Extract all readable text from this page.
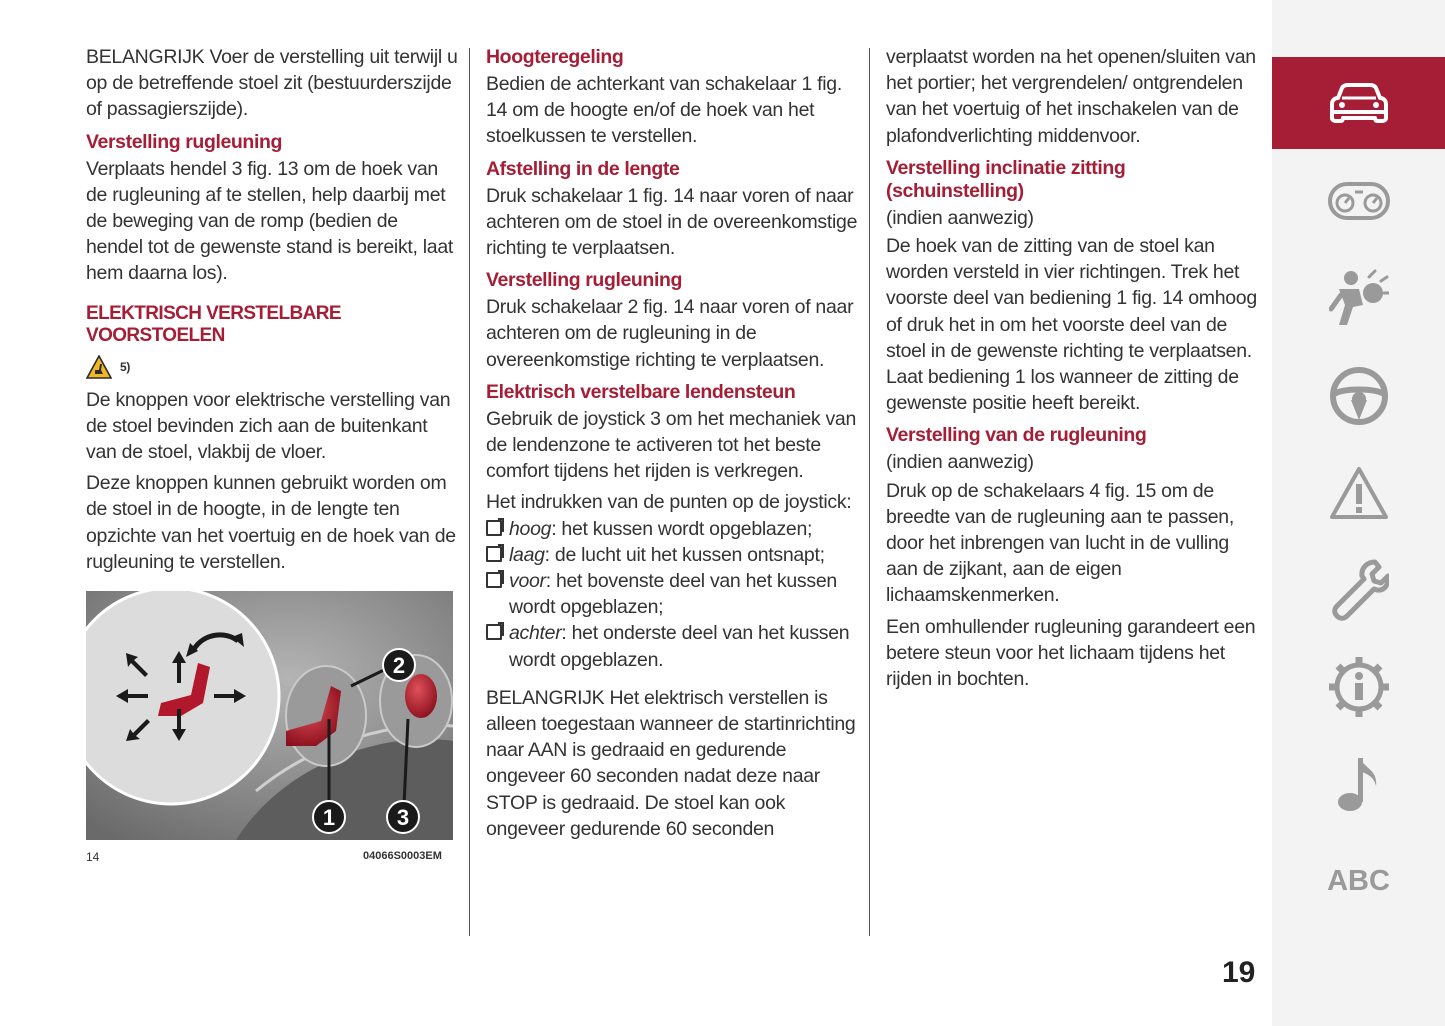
BELANGRIJK Voer de verstelling uit terwijl u op de betreffende stoel zit (bestuurderszijde of passagierszijde).

Verstelling rugleuning

Verplaats hendel 3 fig. 13 om de hoek van de rugleuning af te stellen, help daarbij met de beweging van de romp (bedien de hendel tot de gewenste stand is bereikt, laat hem daarna los).

ELEKTRISCH VERSTELBARE VOORSTOELEN
5)

De knoppen voor elektrische verstelling van de stoel bevinden zich aan de buitenkant van de stoel, vlakbij de vloer.

Deze knoppen kunnen gebruikt worden om de stoel in de hoogte, in de lengte ten opzichte van het voertuig en de hoek van de rugleuning te verstellen.

1
2
3
14	04066S0003EM
Hoogteregeling

Bedien de achterkant van schakelaar 1 fig. 14 om de hoogte en/of de hoek van het stoelkussen te verstellen.

Afstelling in de lengte

Druk schakelaar 1 fig. 14 naar voren of naar achteren om de stoel in de overeenkomstige richting te verplaatsen.

Verstelling rugleuning

Druk schakelaar 2 fig. 14 naar voren of naar achteren om de rugleuning in de overeenkomstige richting te verplaatsen.

Elektrisch verstelbare lendensteun

Gebruik de joystick 3 om het mechaniek van de lendenzone te activeren tot het beste comfort tijdens het rijden is verkregen.

Het indrukken van de punten op de joystick:

hoog: het kussen wordt opgeblazen;
laag: de lucht uit het kussen ontsnapt;
voor: het bovenste deel van het kussen wordt opgeblazen;
achter: het onderste deel van het kussen wordt opgeblazen.

BELANGRIJK Het elektrisch verstellen is alleen toegestaan wanneer de startinrichting naar AAN is gedraaid en gedurende ongeveer 60 seconden nadat deze naar STOP is gedraaid. De stoel kan ook ongeveer gedurende 60 seconden

verplaatst worden na het openen/sluiten van het portier; het vergrendelen/ ontgrendelen van het voertuig of het inschakelen van de plafondverlichting middenvoor.

Verstelling inclinatie zitting (schuinstelling)

(indien aanwezig)

De hoek van de zitting van de stoel kan worden versteld in vier richtingen. Trek het voorste deel van bediening 1 fig. 14 omhoog of druk het in om het voorste deel van de stoel in de gewenste richting te verplaatsen. Laat bediening 1 los wanneer de zitting de gewenste positie heeft bereikt.

Verstelling van de rugleuning

(indien aanwezig)

Druk op de schakelaars 4 fig. 15 om de breedte van de rugleuning aan te passen, door het inbrengen van lucht in de vulling aan de zijkant, aan de eigen lichaamskenmerken.

Een omhullender rugleuning garandeert een betere steun voor het lichaam tijdens het rijden in bochten.

ABC
19
